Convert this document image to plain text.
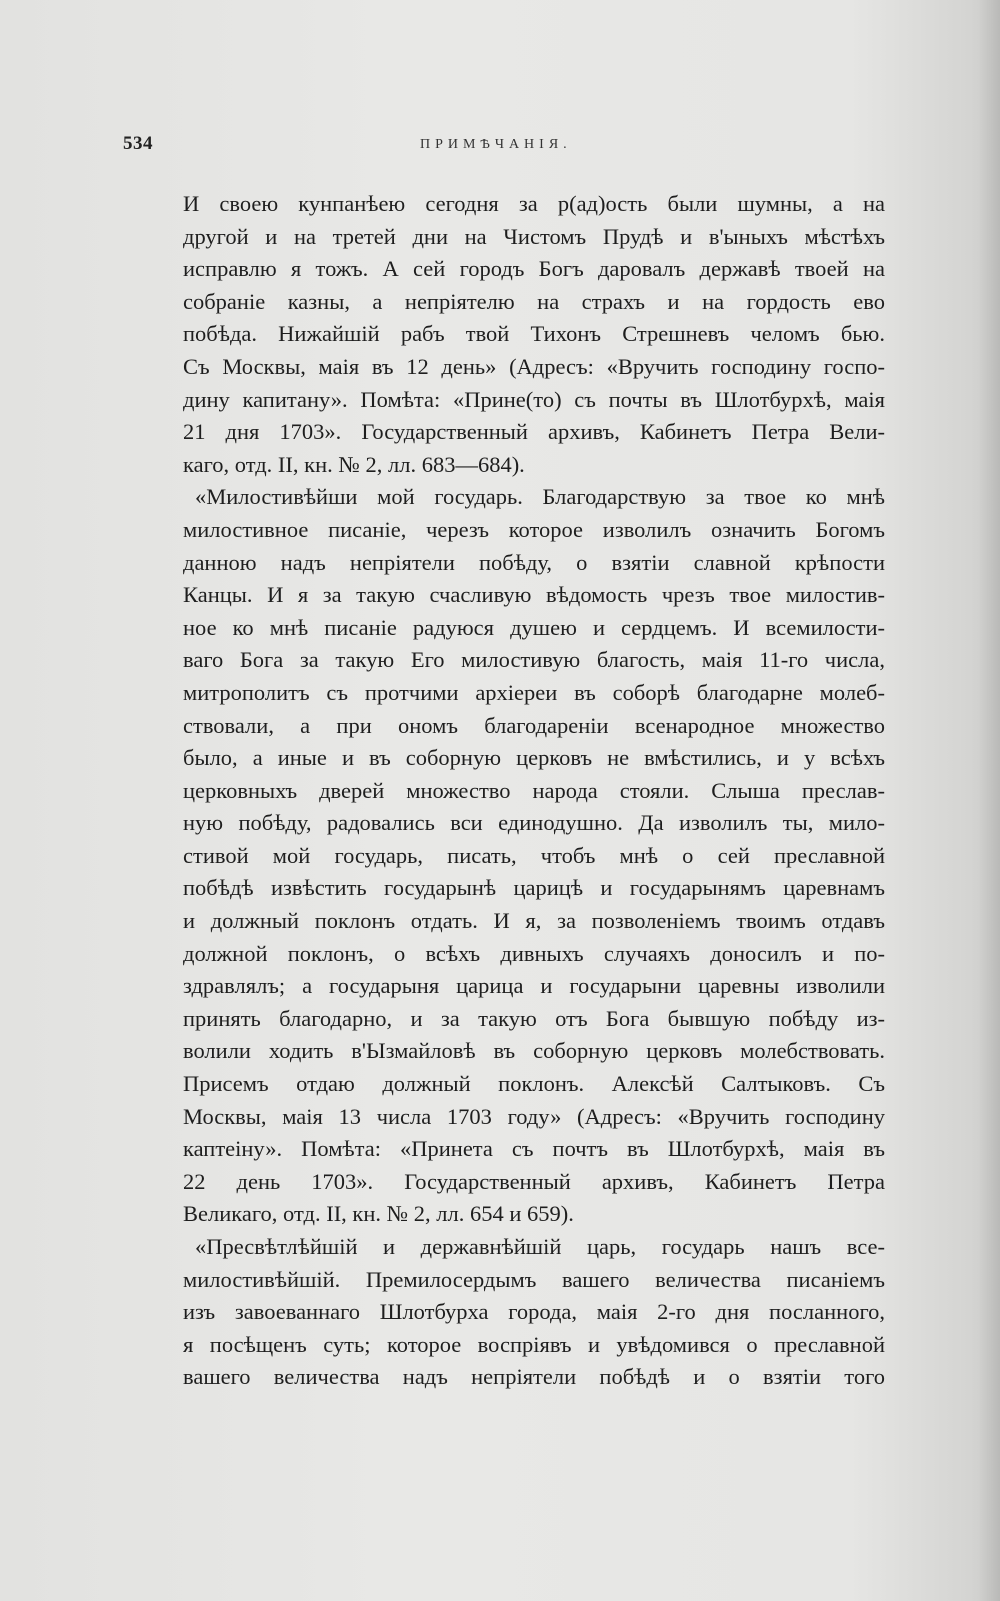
534	ПРИМѢЧАНІЯ.
И своею кунпанѣею сегодня за р(ад)ость были шумны, а на
другой и на третей дни на Чистомъ Прудѣ и в'ыныхъ мѣстѣхъ
исправлю я тожъ. А сей городъ Богъ даровалъ державѣ твоей на
собраніе казны, а непріятелю на страхъ и на гордость ево
побѣда. Нижайшій рабъ твой Тихонъ Стрешневъ челомъ бью.
Съ Москвы, маія въ 12 день» (Адресъ: «Вручить господину госпо-
дину капитану». Помѣта: «Прине(то) съ почты въ Шлотбурхѣ, маія
21 дня 1703». Государственный архивъ, Кабинетъ Петра Вели-
каго, отд. II, кн. № 2, лл. 683—684).
«Милостивѣйши мой государь. Благодарствую за твое ко мнѣ
милостивное писаніе, черезъ которое изволилъ означить Богомъ
данною надъ непріятели побѣду, о взятіи славной крѣпости
Канцы. И я за такую счасливую вѣдомость чрезъ твое милостив-
ное ко мнѣ писаніе радуюся душею и сердцемъ. И всемилости-
ваго Бога за такую Его милостивую благость, маія 11-го числа,
митрополитъ съ протчими архіереи въ соборѣ благодарне молеб-
ствовали, а при ономъ благодареніи всенародное множество
было, а иные и въ соборную церковъ не вмѣстились, и у всѣхъ
церковныхъ дверей множество народа стояли. Слыша преслав-
ную побѣду, радовались вси единодушно. Да изволилъ ты, мило-
стивой мой государь, писать, чтобъ мнѣ о сей преславной
побѣдѣ извѣстить государынѣ царицѣ и государынямъ царевнамъ
и должный поклонъ отдать. И я, за позволеніемъ твоимъ отдавъ
должной поклонъ, о всѣхъ дивныхъ случаяхъ доносилъ и по-
здравлялъ; а государыня царица и государыни царевны изволили
принять благодарно, и за такую отъ Бога бывшую побѣду из-
волили ходить в'Ызмайловѣ въ соборную церковъ молебствовать.
Присемъ отдаю должный поклонъ. Алексѣй Салтыковъ. Съ
Москвы, маія 13 числа 1703 году» (Адресъ: «Вручить господину
каптеіну». Помѣта: «Принета съ почтъ въ Шлотбурхѣ, маія въ
22 день 1703». Государственный архивъ, Кабинетъ Петра
Великаго, отд. II, кн. № 2, лл. 654 и 659).
«Пресвѣтлѣйшій и державнѣйшій царь, государь нашъ все-
милостивѣйшій. Премилосердымъ вашего величества писаніемъ
изъ завоеваннаго Шлотбурха города, маія 2-го дня посланного,
я посѣщенъ суть; которое воспріявъ и увѣдомився о преславной
вашего величества надъ непріятели побѣдѣ и о взятіи того
